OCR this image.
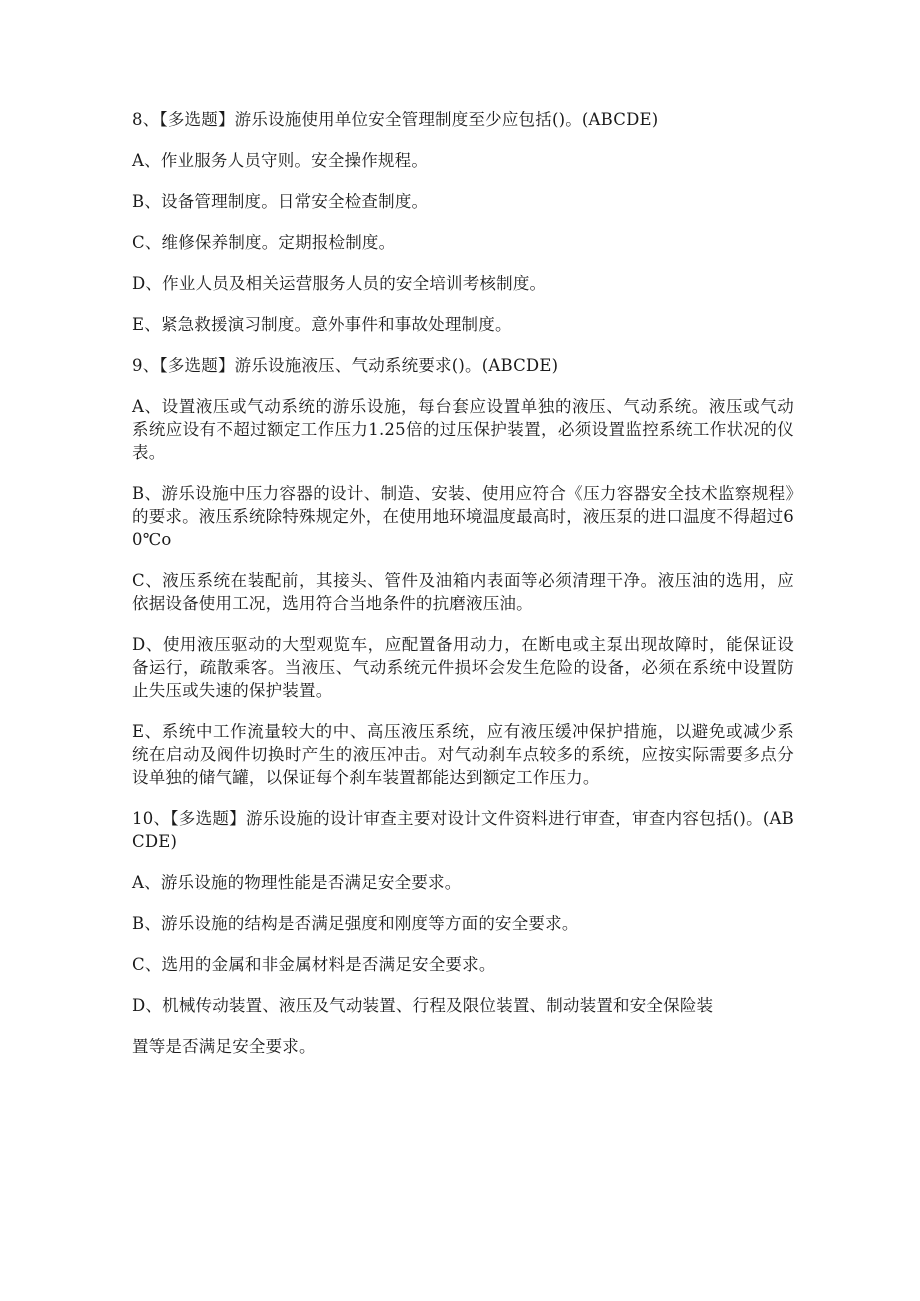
8、【多选题】游乐设施使用单位安全管理制度至少应包括()。(ABCDE)

A、作业服务人员守则。安全操作规程。

B、设备管理制度。日常安全检查制度。

C、维修保养制度。定期报检制度。

D、作业人员及相关运营服务人员的安全培训考核制度。

E、紧急救援演习制度。意外事件和事故处理制度。

9、【多选题】游乐设施液压、气动系统要求()。(ABCDE)

A、设置液压或气动系统的游乐设施，每台套应设置单独的液压、气动系统。液压或气动系统应设有不超过额定工作压力1.25倍的过压保护装置，必须设置监控系统工作状况的仪表。

B、游乐设施中压力容器的设计、制造、安装、使用应符合《压力容器安全技术监察规程》的要求。液压系统除特殊规定外，在使用地环境温度最高时，液压泵的进口温度不得超过60℃o

C、液压系统在装配前，其接头、管件及油箱内表面等必须清理干净。液压油的选用，应依据设备使用工况，选用符合当地条件的抗磨液压油。

D、使用液压驱动的大型观览车，应配置备用动力，在断电或主泵出现故障时，能保证设备运行，疏散乘客。当液压、气动系统元件损坏会发生危险的设备，必须在系统中设置防止失压或失速的保护装置。

E、系统中工作流量较大的中、高压液压系统，应有液压缓冲保护措施，以避免或减少系统在启动及阀件切换时产生的液压冲击。对气动刹车点较多的系统，应按实际需要多点分设单独的储气罐，以保证每个刹车装置都能达到额定工作压力。

10、【多选题】游乐设施的设计审查主要对设计文件资料进行审查，审查内容包括()。(ABCDE)

A、游乐设施的物理性能是否满足安全要求。

B、游乐设施的结构是否满足强度和刚度等方面的安全要求。

C、选用的金属和非金属材料是否满足安全要求。

D、机械传动装置、液压及气动装置、行程及限位装置、制动装置和安全保险装

置等是否满足安全要求。
